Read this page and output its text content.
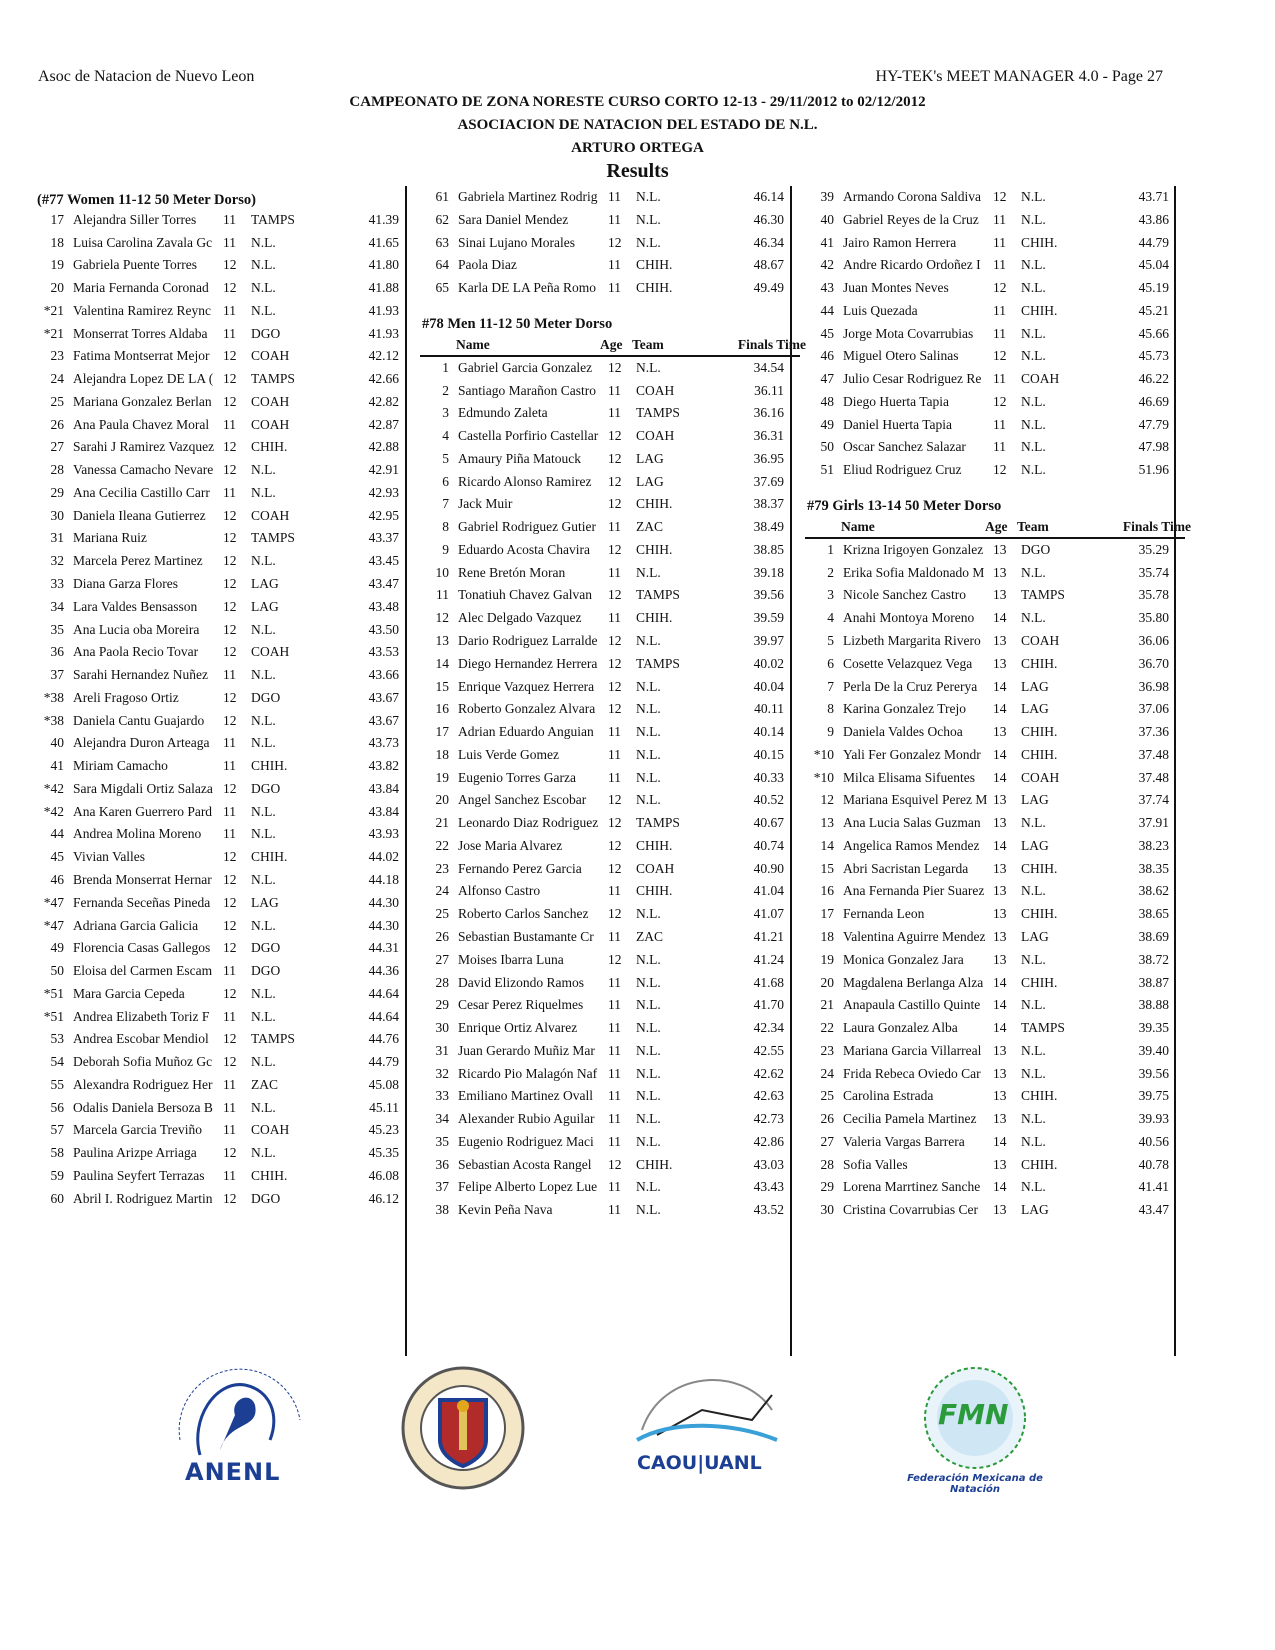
Asoc de Natacion de Nuevo Leon	HY-TEK's MEET MANAGER 4.0 - Page 27
CAMPEONATO DE ZONA NORESTE CURSO CORTO 12-13 - 29/11/2012 to 02/12/2012
ASOCIACION DE NATACION DEL ESTADO DE N.L.
ARTURO ORTEGA
Results
(#77 Women 11-12 50 Meter Dorso)
17 Alejandra Siller Torres	11 TAMPS	41.39
18 Luisa Carolina Zavala Gc 11 N.L.	41.65
19 Gabriela Puente Torres	12 N.L.	41.80
20 Maria Fernanda Coronad	12 N.L.	41.88
*21 Valentina Ramirez Reync 11 N.L.	41.93
*21 Monserrat Torres Aldaba	11 DGO	41.93
23 Fatima Montserrat Mejor	12 COAH	42.12
24 Alejandra Lopez DE LA ( 12 TAMPS	42.66
25 Mariana Gonzalez Berlan 12 COAH	42.82
26 Ana Paula Chavez Moral	11 COAH	42.87
27 Sarahi J Ramirez Vazquez 12 CHIH.	42.88
28 Vanessa Camacho Nevare 12 N.L.	42.91
29 Ana Cecilia Castillo Carr 11 N.L.	42.93
30 Daniela Ileana Gutierrez	12 COAH	42.95
31 Mariana Ruiz	12 TAMPS	43.37
32 Marcela Perez Martinez	12 N.L.	43.45
33 Diana Garza Flores	12 LAG	43.47
34 Lara Valdes Bensasson	12 LAG	43.48
35 Ana Lucia oba Moreira	12 N.L.	43.50
36 Ana Paola Recio Tovar	12 COAH	43.53
37 Sarahi Hernandez Nuñez	11 N.L.	43.66
*38 Areli Fragoso Ortiz	12 DGO	43.67
*38 Daniela Cantu Guajardo	12 N.L.	43.67
40 Alejandra Duron Arteaga	11 N.L.	43.73
41 Miriam Camacho	11 CHIH.	43.82
*42 Sara Migdali Ortiz Salaza 12 DGO	43.84
*42 Ana Karen Guerrero Pard 11 N.L.	43.84
44 Andrea Molina Moreno	11 N.L.	43.93
45 Vivian Valles	12 CHIH.	44.02
46 Brenda Monserrat Hernar 12 N.L.	44.18
*47 Fernanda Seceñas Pineda 12 LAG	44.30
*47 Adriana Garcia Galicia	12 N.L.	44.30
49 Florencia Casas Gallegos 12 DGO	44.31
50 Eloisa del Carmen Escam 11 DGO	44.36
*51 Mara Garcia Cepeda	12 N.L.	44.64
*51 Andrea Elizabeth Toriz F	11 N.L.	44.64
53 Andrea Escobar Mendiol	12 TAMPS	44.76
54 Deborah Sofia Muñoz Gc 12 N.L.	44.79
55 Alexandra Rodriguez Her 11 ZAC	45.08
56 Odalis Daniela Bersoza B 11 N.L.	45.11
57 Marcela Garcia Treviño	11 COAH	45.23
58 Paulina Arizpe Arriaga	12 N.L.	45.35
59 Paulina Seyfert Terrazas	11 CHIH.	46.08
60 Abril I. Rodriguez Martin 12 DGO	46.12
61 Gabriela Martinez Rodrig 11 N.L.	46.14
62 Sara Daniel Mendez	11 N.L.	46.30
63 Sinai Lujano Morales	12 N.L.	46.34
64 Paola Diaz	11 CHIH.	48.67
65 Karla DE LA Peña Romo 11 CHIH.	49.49
#78 Men 11-12 50 Meter Dorso
Name	Age Team	Finals Time
1 Gabriel Garcia Gonzalez	12 N.L.	34.54
2 Santiago Marañon Castro 11 COAH	36.11
3 Edmundo Zaleta	11 TAMPS	36.16
4 Castella Porfirio Castellar 12 COAH	36.31
5 Amaury Piña Matouck	12 LAG	36.95
6 Ricardo Alonso Ramirez	12 LAG	37.69
7 Jack Muir	12 CHIH.	38.37
8 Gabriel Rodriguez Gutier 11 ZAC	38.49
9 Eduardo Acosta Chavira	12 CHIH.	38.85
10 Rene Bretón Moran	11 N.L.	39.18
11 Tonatiuh Chavez Galvan	12 TAMPS	39.56
12 Alec Delgado Vazquez	11 CHIH.	39.59
13 Dario Rodriguez Larralde 12 N.L.	39.97
14 Diego Hernandez Herrera 12 TAMPS	40.02
15 Enrique Vazquez Herrera	12 N.L.	40.04
16 Roberto Gonzalez Alvara 12 N.L.	40.11
17 Adrian Eduardo Anguian	11 N.L.	40.14
18 Luis Verde Gomez	11 N.L.	40.15
19 Eugenio Torres Garza	11 N.L.	40.33
20 Angel Sanchez Escobar	12 N.L.	40.52
21 Leonardo Diaz Rodriguez 12 TAMPS	40.67
22 Jose Maria Alvarez	12 CHIH.	40.74
23 Fernando Perez Garcia	12 COAH	40.90
24 Alfonso Castro	11 CHIH.	41.04
25 Roberto Carlos Sanchez	12 N.L.	41.07
26 Sebastian Bustamante Cr	11 ZAC	41.21
27 Moises Ibarra Luna	12 N.L.	41.24
28 David Elizondo Ramos	11 N.L.	41.68
29 Cesar Perez Riquelmes	11 N.L.	41.70
30 Enrique Ortiz Alvarez	11 N.L.	42.34
31 Juan Gerardo Muñiz Mar 11 N.L.	42.55
32 Ricardo Pio Malagón Naf 11 N.L.	42.62
33 Emiliano Martinez Ovall	11 N.L.	42.63
34 Alexander Rubio Aguilar	11 N.L.	42.73
35 Eugenio Rodriguez Maci	11 N.L.	42.86
36 Sebastian Acosta Rangel	12 CHIH.	43.03
37 Felipe Alberto Lopez Lue 11 N.L.	43.43
38 Kevin Peña Nava	11 N.L.	43.52
39 Armando Corona Saldiva 12 N.L.	43.71
40 Gabriel Reyes de la Cruz	11 N.L.	43.86
41 Jairo Ramon Herrera	11 CHIH.	44.79
42 Andre Ricardo Ordoñez I 11 N.L.	45.04
43 Juan Montes Neves	12 N.L.	45.19
44 Luis Quezada	11 CHIH.	45.21
45 Jorge Mota Covarrubias	11 N.L.	45.66
46 Miguel Otero Salinas	12 N.L.	45.73
47 Julio Cesar Rodriguez Re 11 COAH	46.22
48 Diego Huerta Tapia	12 N.L.	46.69
49 Daniel Huerta Tapia	11 N.L.	47.79
50 Oscar Sanchez Salazar	11 N.L.	47.98
51 Eliud Rodriguez Cruz	12 N.L.	51.96
#79 Girls 13-14 50 Meter Dorso
Name	Age Team	Finals Time
1 Krizna Irigoyen Gonzalez 13 DGO	35.29
2 Erika Sofia Maldonado M 13 N.L.	35.74
3 Nicole Sanchez Castro	13 TAMPS	35.78
4 Anahi Montoya Moreno	14 N.L.	35.80
5 Lizbeth Margarita Rivero 13 COAH	36.06
6 Cosette Velazquez Vega	13 CHIH.	36.70
7 Perla De la Cruz Pererya	14 LAG	36.98
8 Karina Gonzalez Trejo	14 LAG	37.06
9 Daniela Valdes Ochoa	13 CHIH.	37.36
*10 Yali Fer Gonzalez Mondr 14 CHIH.	37.48
*10 Milca Elisama Sifuentes	14 COAH	37.48
12 Mariana Esquivel Perez M 13 LAG	37.74
13 Ana Lucia Salas Guzman 13 N.L.	37.91
14 Angelica Ramos Mendez	14 LAG	38.23
15 Abri Sacristan Legarda	13 CHIH.	38.35
16 Ana Fernanda Pier Suarez 13 N.L.	38.62
17 Fernanda Leon	13 CHIH.	38.65
18 Valentina Aguirre Mendez 13 LAG	38.69
19 Monica Gonzalez Jara	13 N.L.	38.72
20 Magdalena Berlanga Alza 14 CHIH.	38.87
21 Anapaula Castillo Quinte 14 N.L.	38.88
22 Laura Gonzalez Alba	14 TAMPS	39.35
23 Mariana Garcia Villarreal 13 N.L.	39.40
24 Frida Rebeca Oviedo Car 13 N.L.	39.56
25 Carolina Estrada	13 CHIH.	39.75
26 Cecilia Pamela Martinez	13 N.L.	39.93
27 Valeria Vargas Barrera	14 N.L.	40.56
28 Sofia Valles	13 CHIH.	40.78
29 Lorena Marrtinez Sanche 14 N.L.	41.41
30 Cristina Covarrubias Cer	13 LAG	43.47
ANENL	CAOU|UANL
FMN
Federación Mexicana de Natación
